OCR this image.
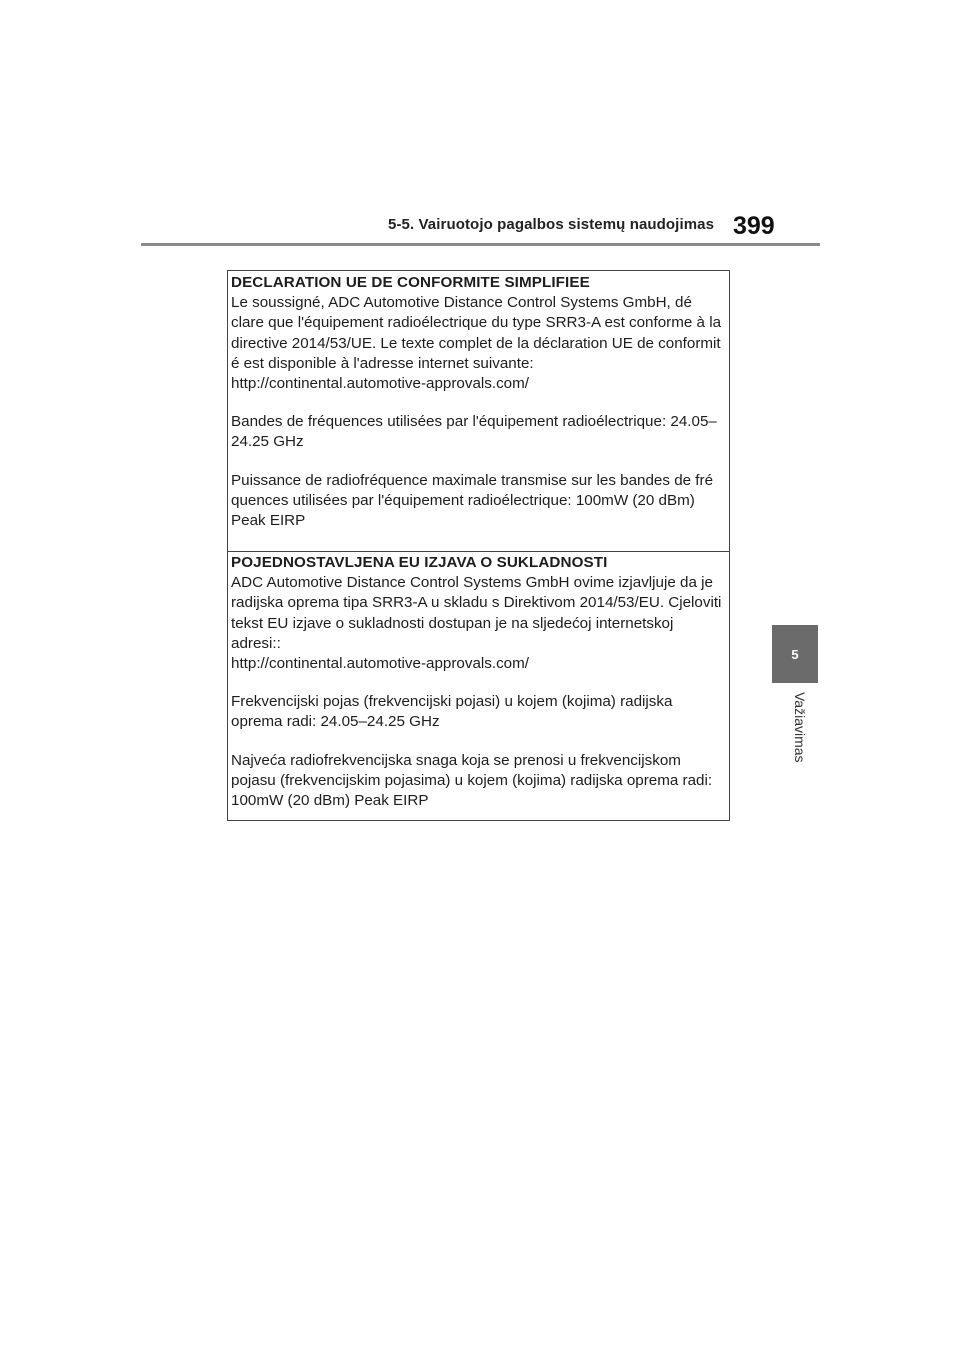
5-5. Vairuotojo pagalbos sistemų naudojimas 399
5
Važiavimas
DECLARATION UE DE CONFORMITE SIMPLIFIEE
Le soussigné, ADC Automotive Distance Control Systems GmbH, dé
clare que l'équipement radioélectrique du type SRR3-A est conforme à la
directive 2014/53/UE. Le texte complet de la déclaration UE de conformit
é est disponible à l'adresse internet suivante:
http://continental.automotive-approvals.com/
Bandes de fréquences utilisées par l'équipement radioélectrique: 24.05–
24.25 GHz
Puissance de radiofréquence maximale transmise sur les bandes de fré
quences utilisées par l'équipement radioélectrique: 100mW (20 dBm)
Peak EIRP
POJEDNOSTAVLJENA EU IZJAVA O SUKLADNOSTI
ADC Automotive Distance Control Systems GmbH ovime izjavljuje da je
radijska oprema tipa SRR3-A u skladu s Direktivom 2014/53/EU. Cjeloviti
tekst EU izjave o sukladnosti dostupan je na sljedećoj internetskoj
adresi::
http://continental.automotive-approvals.com/
Frekvencijski pojas (frekvencijski pojasi) u kojem (kojima) radijska
oprema radi: 24.05–24.25 GHz
Najveća radiofrekvencijska snaga koja se prenosi u frekvencijskom
pojasu (frekvencijskim pojasima) u kojem (kojima) radijska oprema radi:
100mW (20 dBm) Peak EIRP
